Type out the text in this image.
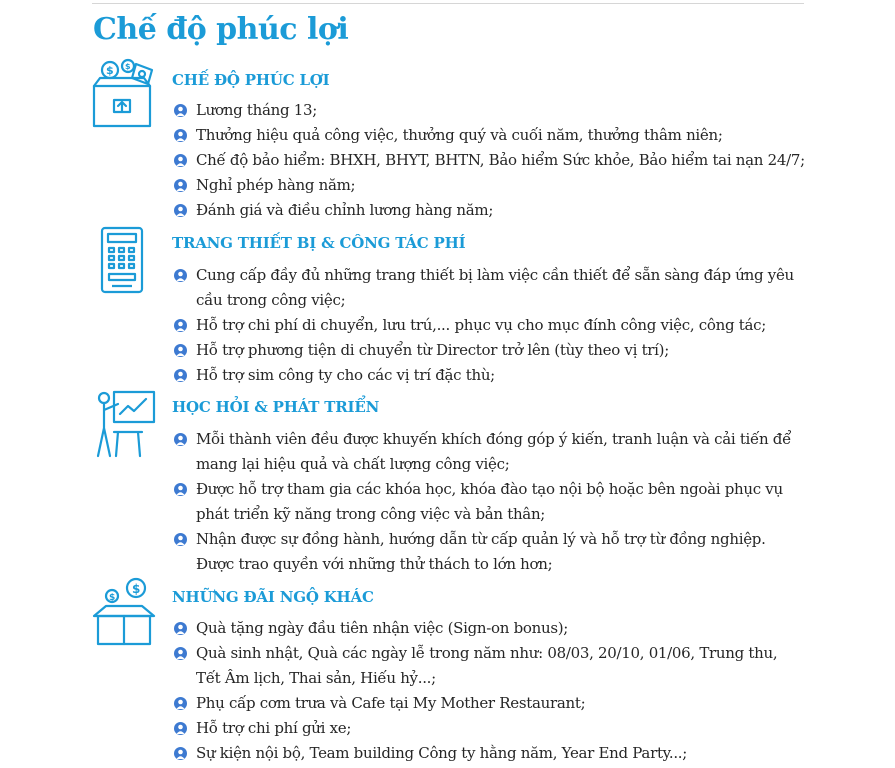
Chế độ phúc lợi
$ $
CHẾ ĐỘ PHÚC LỢI
Lương tháng 13;
Thưởng hiệu quả công việc, thưởng quý và cuối năm, thưởng thâm niên;
Chế độ bảo hiểm: BHXH, BHYT, BHTN, Bảo hiểm Sức khỏe, Bảo hiểm tai nạn 24/7;
Nghỉ phép hàng năm;
Đánh giá và điều chỉnh lương hàng năm;
TRANG THIẾT BỊ & CÔNG TÁC PHÍ
Cung cấp đầy đủ những trang thiết bị làm việc cần thiết để sẵn sàng đáp ứng yêu cầu trong công việc;
Hỗ trợ chi phí di chuyển, lưu trú,... phục vụ cho mục đính công việc, công tác;
Hỗ trợ phương tiện di chuyển từ Director trở lên (tùy theo vị trí);
Hỗ trợ sim công ty cho các vị trí đặc thù;
HỌC HỎI & PHÁT TRIỂN
Mỗi thành viên đều được khuyến khích đóng góp ý kiến, tranh luận và cải tiến để mang lại hiệu quả và chất lượng công việc;
Được hỗ trợ tham gia các khóa học, khóa đào tạo nội bộ hoặc bên ngoài phục vụ phát triển kỹ năng trong công việc và bản thân;
Nhận được sự đồng hành, hướng dẫn từ cấp quản lý và hỗ trợ từ đồng nghiệp. Được trao quyền với những thử thách to lớn hơn;
$
$	NHỮNG ĐÃI NGỘ KHÁC
Quà tặng ngày đầu tiên nhận việc (Sign-on bonus);
Quà sinh nhật, Quà các ngày lễ trong năm như: 08/03, 20/10, 01/06, Trung thu, Tết Âm lịch, Thai sản, Hiếu hỷ...;
Phụ cấp cơm trưa và Cafe tại My Mother Restaurant;
Hỗ trợ chi phí gửi xe;
Sự kiện nội bộ, Team building Công ty hằng năm, Year End Party...;
